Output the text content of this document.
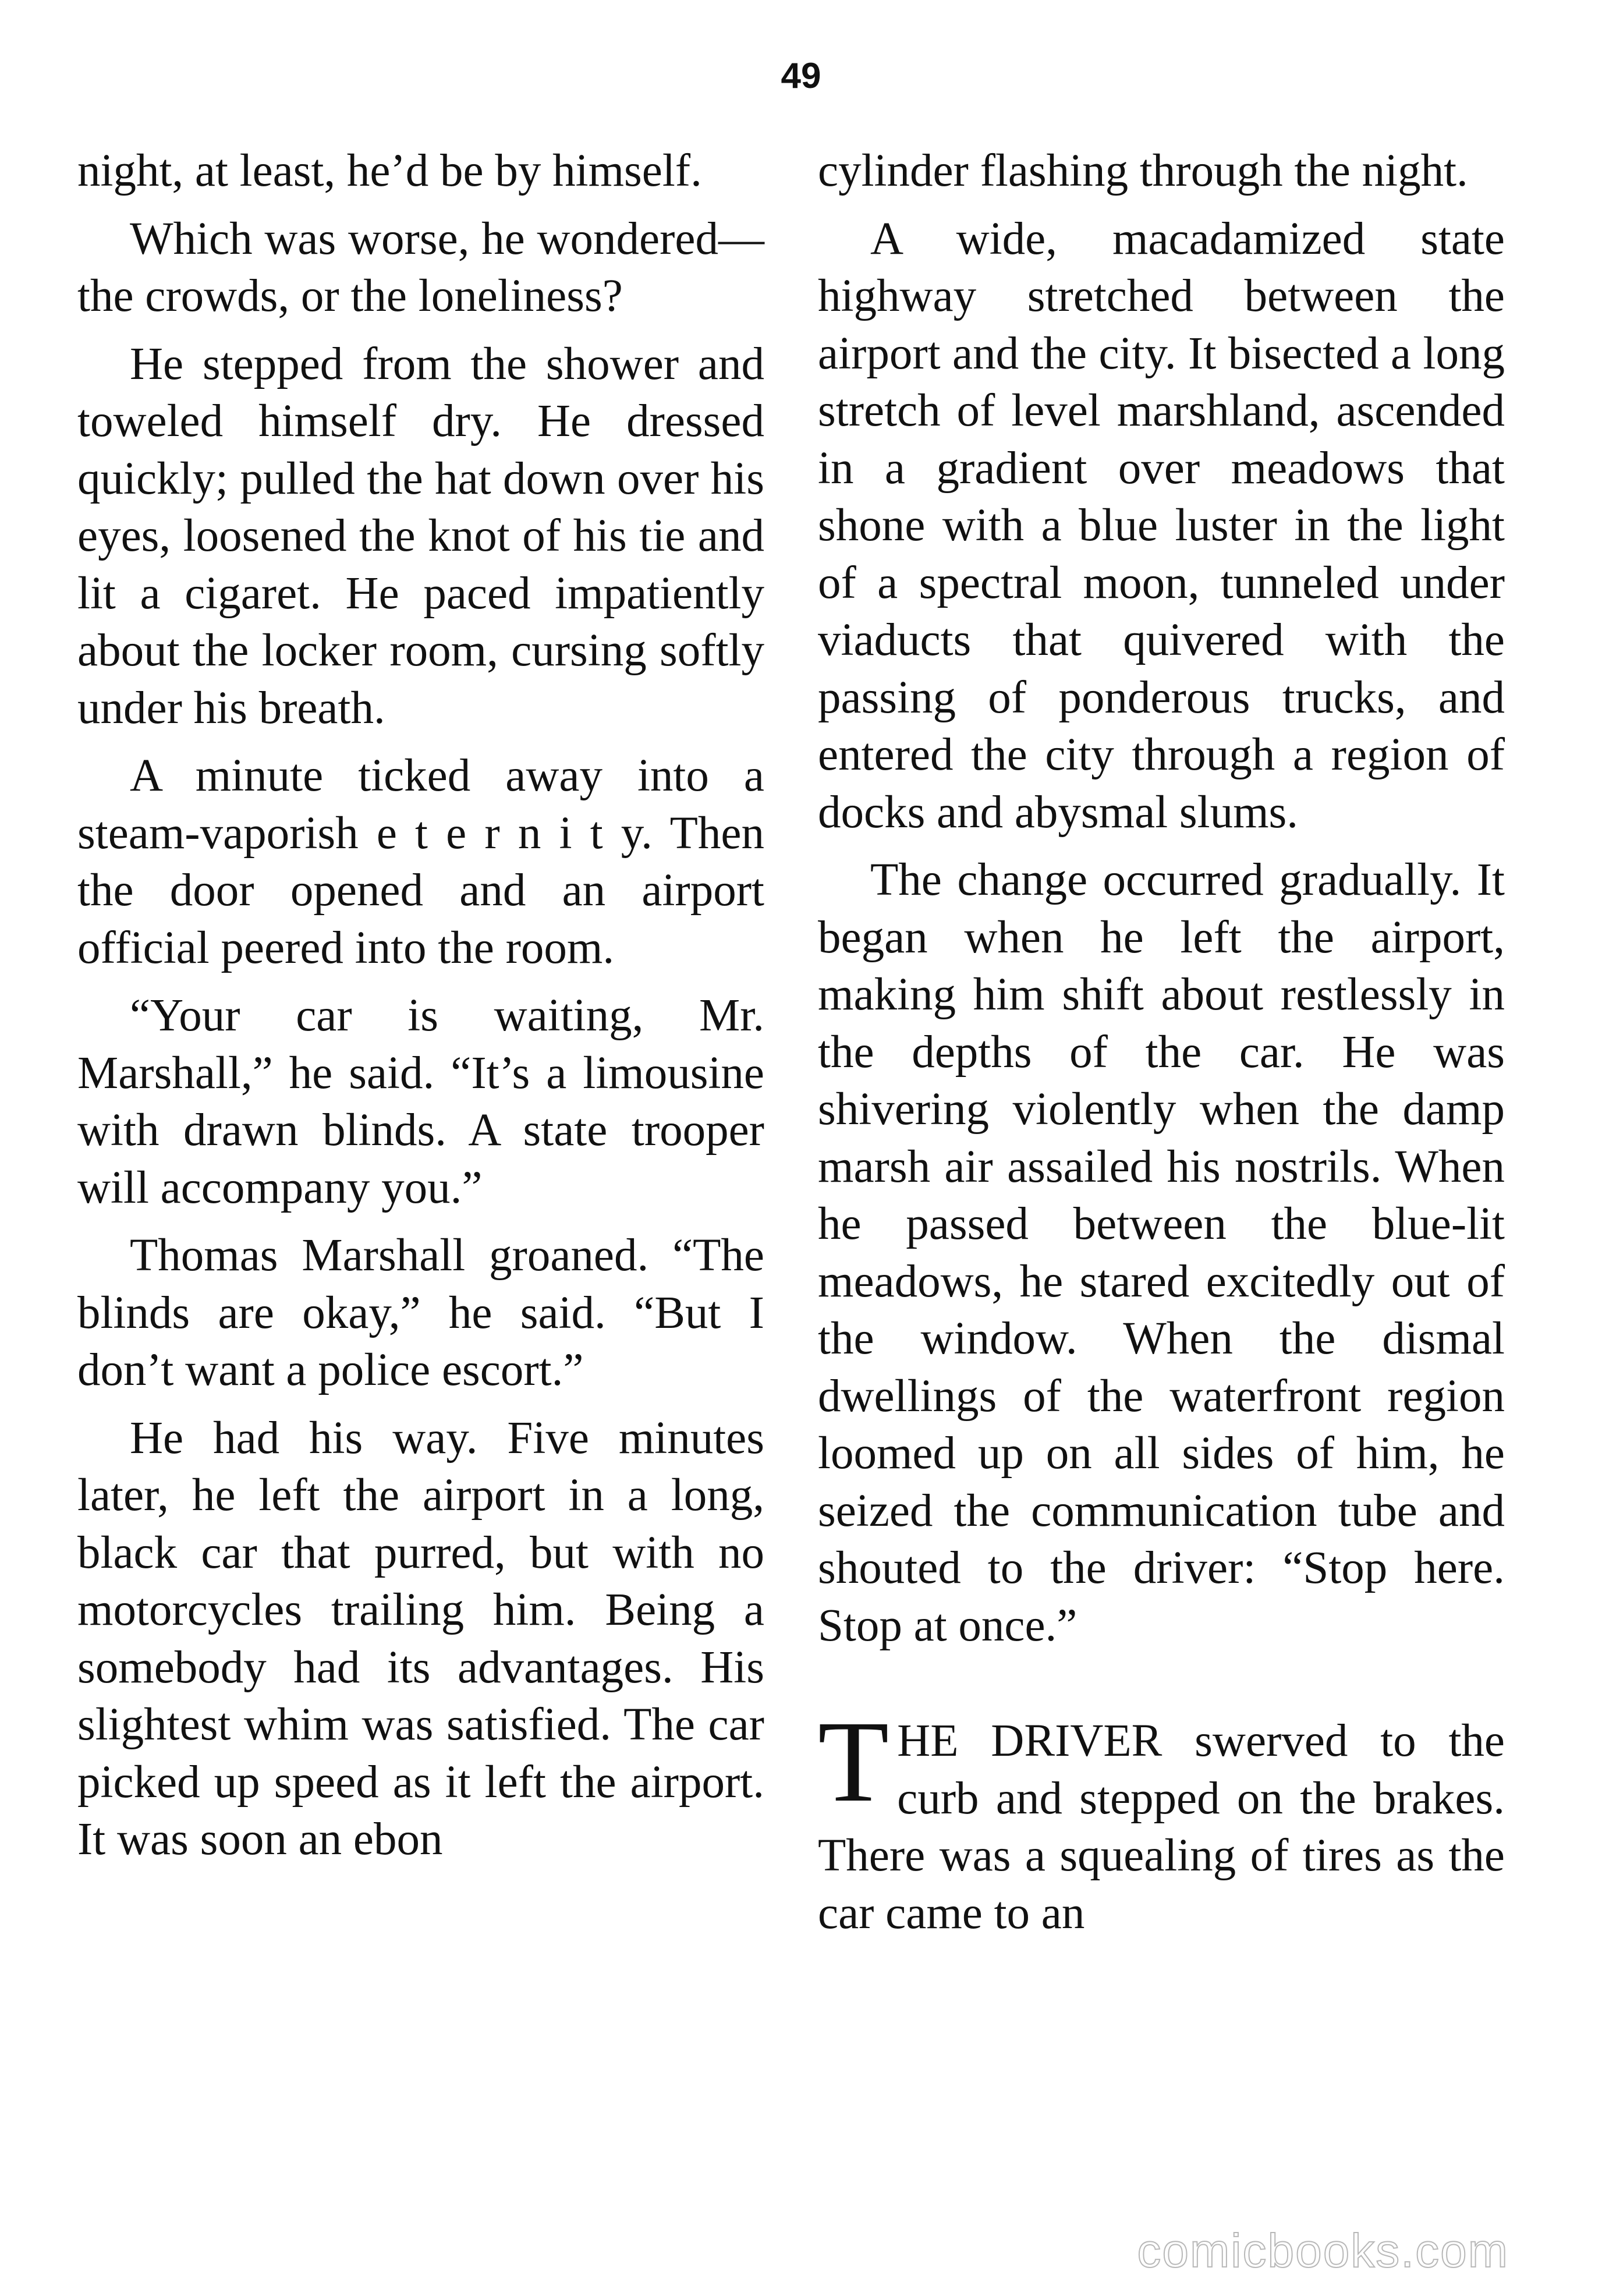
49

night, at least, he’d be by himself.

Which was worse, he wondered—the crowds, or the loneliness?

He stepped from the shower and toweled himself dry. He dressed quickly; pulled the hat down over his eyes, loosened the knot of his tie and lit a cigaret. He paced impatiently about the locker room, cursing softly under his breath.

A minute ticked away into a steam-vaporish e t e r n i t y. Then the door opened and an airport official peered into the room.

“Your car is waiting, Mr. Marshall,” he said. “It’s a limousine with drawn blinds. A state trooper will accompany you.”

Thomas Marshall groaned. “The blinds are okay,” he said. “But I don’t want a police escort.”

He had his way. Five minutes later, he left the airport in a long, black car that purred, but with no motorcycles trailing him. Being a somebody had its advantages. His slightest whim was satisfied. The car picked up speed as it left the airport. It was soon an ebon

cylinder flashing through the night.

A wide, macadamized state highway stretched between the airport and the city. It bisected a long stretch of level marshland, ascended in a gradient over meadows that shone with a blue luster in the light of a spectral moon, tunneled under viaducts that quivered with the passing of ponderous trucks, and entered the city through a region of docks and abysmal slums.

The change occurred gradually. It began when he left the airport, making him shift about restlessly in the depths of the car. He was shivering violently when the damp marsh air assailed his nostrils. When he passed between the blue-lit meadows, he stared excitedly out of the window. When the dismal dwellings of the waterfront region loomed up on all sides of him, he seized the communication tube and shouted to the driver: “Stop here. Stop at once.”

THE DRIVER swerved to the curb and stepped on the brakes. There was a squealing of tires as the car came to an

comicbooks.com
